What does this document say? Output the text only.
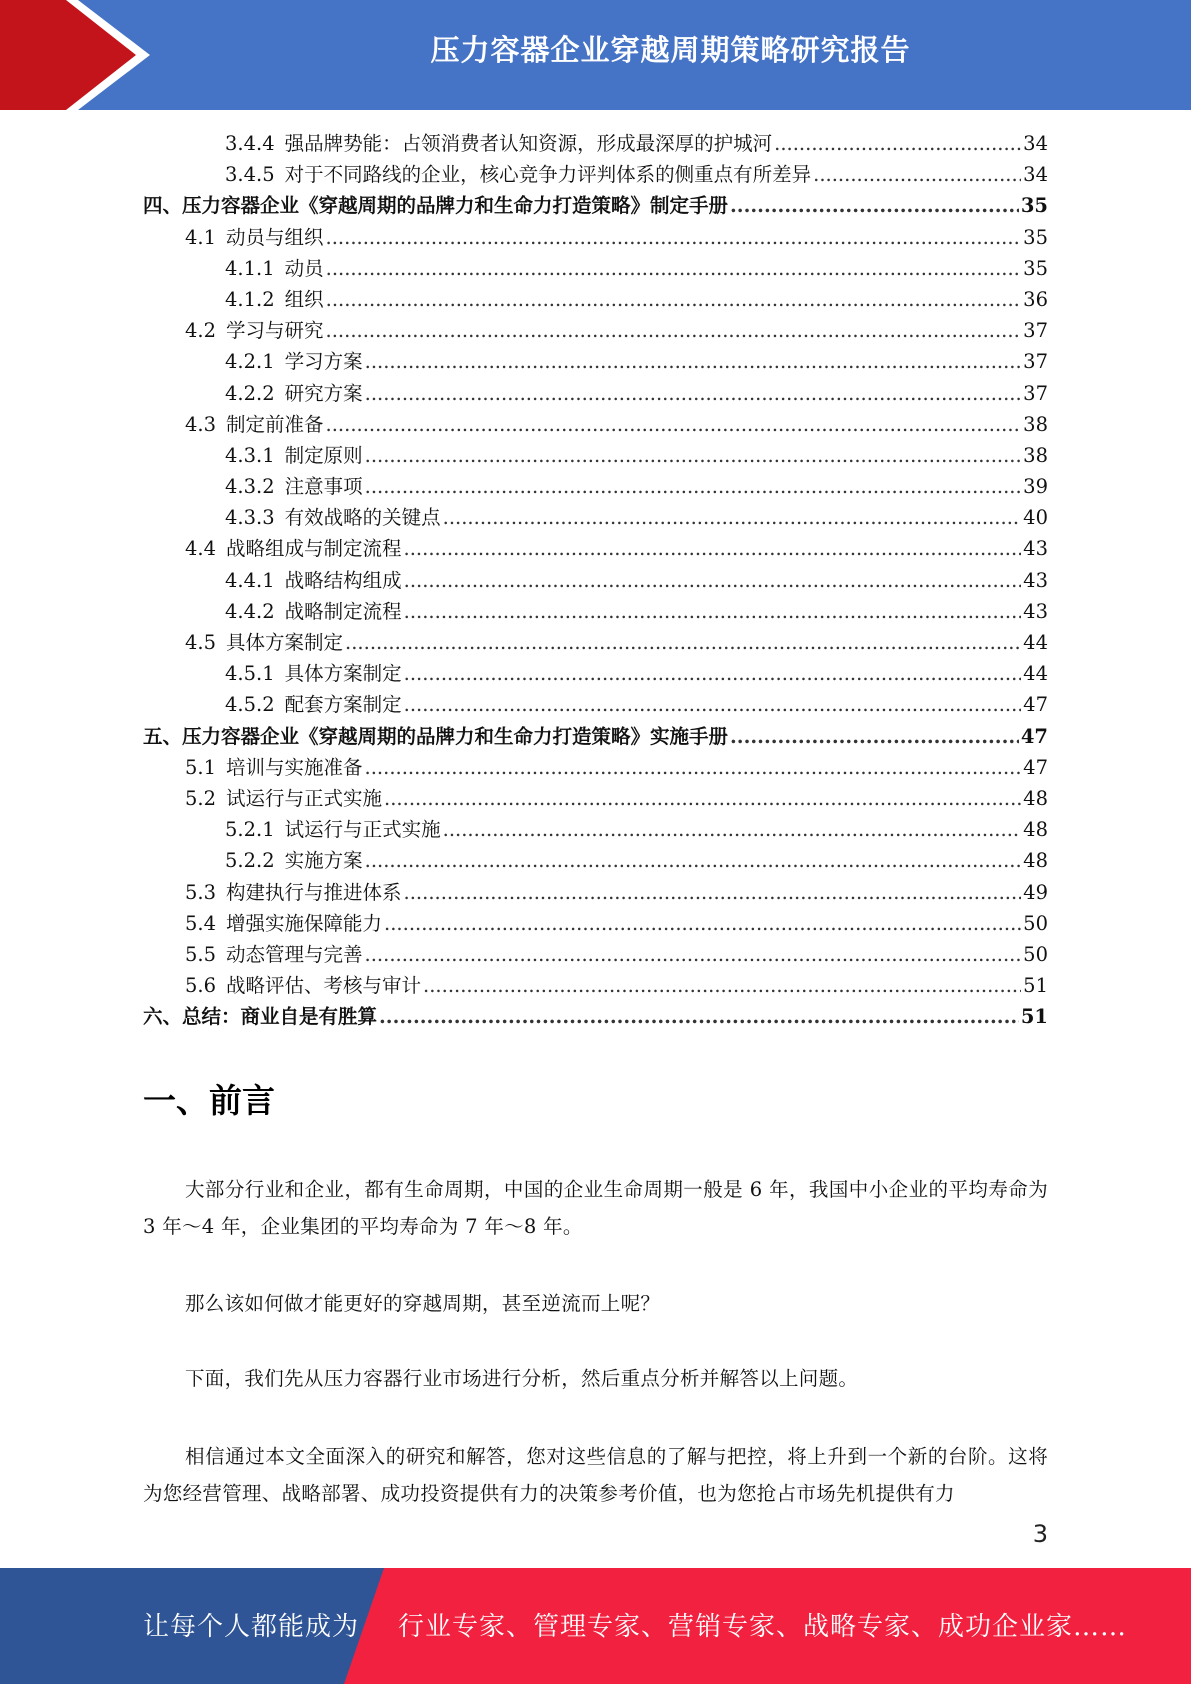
压力容器企业穿越周期策略研究报告
3.4.4 强品牌势能：占领消费者认知资源，形成最深厚的护城河 .....	34
3.4.5 对于不同路线的企业，核心竞争力评判体系的侧重点有所差异 .....	34
四、压力容器企业《穿越周期的品牌力和生命力打造策略》制定手册 .....	35
4.1 动员与组织 .....	35
4.1.1 动员 .....	35
4.1.2 组织 .....	36
4.2 学习与研究 .....	37
4.2.1 学习方案 .....	37
4.2.2 研究方案 .....	37
4.3 制定前准备 .....	38
4.3.1 制定原则 .....	38
4.3.2 注意事项 .....	39
4.3.3 有效战略的关键点 .....	40
4.4 战略组成与制定流程 .....	43
4.4.1 战略结构组成 .....	43
4.4.2 战略制定流程 .....	43
4.5 具体方案制定 .....	44
4.5.1 具体方案制定 .....	44
4.5.2 配套方案制定 .....	47
五、压力容器企业《穿越周期的品牌力和生命力打造策略》实施手册 .....	47
5.1 培训与实施准备 .....	47
5.2 试运行与正式实施 .....	48
5.2.1 试运行与正式实施 .....	48
5.2.2 实施方案 .....	48
5.3 构建执行与推进体系 .....	49
5.4 增强实施保障能力 .....	50
5.5 动态管理与完善 .....	50
5.6 战略评估、考核与审计 .....	51
六、总结：商业自是有胜算 .....	51
一、前言

大部分行业和企业，都有生命周期，中国的企业生命周期一般是 6 年，我国中小企业的平均寿命为 3 年～4 年，企业集团的平均寿命为 7 年～8 年。

那么该如何做才能更好的穿越周期，甚至逆流而上呢？

下面，我们先从压力容器行业市场进行分析，然后重点分析并解答以上问题。

相信通过本文全面深入的研究和解答，您对这些信息的了解与把控，将上升到一个新的台阶。这将为您经营管理、战略部署、成功投资提供有力的决策参考价值，也为您抢占市场先机提供有力

3
让每个人都能成为 行业专家、管理专家、营销专家、战略专家、成功企业家……
